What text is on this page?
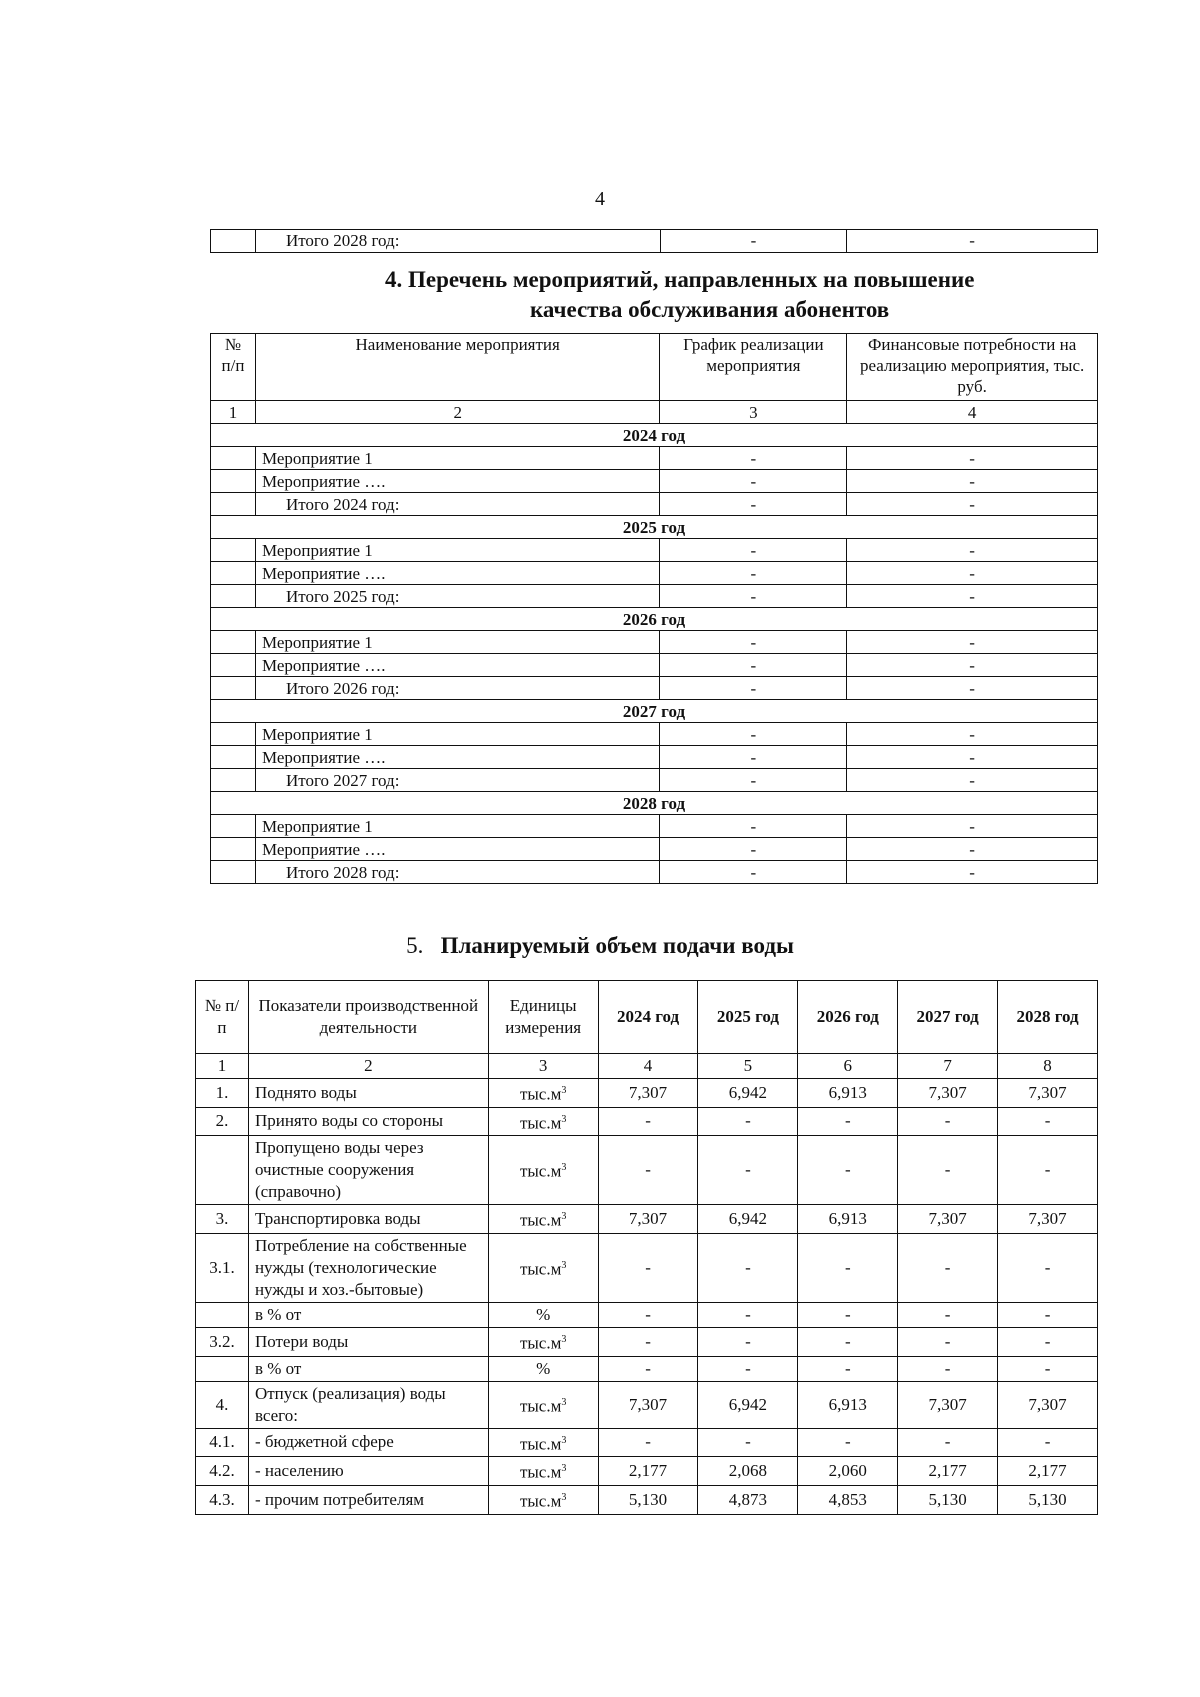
4
	Итого 2028 год:	-	-
4. Перечень мероприятий, направленных на повышение
качества обслуживания абонентов
№ п/п	Наименование мероприятия	График реализации мероприятия	Финансовые потребности на реализацию мероприятия, тыс. руб.
1	2	3	4
2024 год			
	Мероприятие 1	-	-
	Мероприятие ….	-	-
	Итого 2024 год:	-	-
2025 год			
	Мероприятие 1	-	-
	Мероприятие ….	-	-
	Итого 2025 год:	-	-
2026 год			
	Мероприятие 1	-	-
	Мероприятие ….	-	-
	Итого 2026 год:	-	-
2027 год			
	Мероприятие 1	-	-
	Мероприятие ….	-	-
	Итого 2027 год:	-	-
2028 год			
	Мероприятие 1	-	-
	Мероприятие ….	-	-
	Итого 2028 год:	-	-
5. Планируемый объем подачи воды
№ п/п	Показатели производственной деятельности	Единицы измерения	2024 год	2025 год	2026 год	2027 год	2028 год
1	2	3	4	5	6	7	8
1.	Поднято воды	$тыс.м^3$	7,307	6,942	6,913	7,307	7,307
2.	Принято воды со стороны	$тыс.м^3$	-	-	-	-	-
	Пропущено воды через очистные сооружения (справочно)	$тыс.м^3$	-	-	-	-	-
3.	Транспортировка воды	$тыс.м^3$	7,307	6,942	6,913	7,307	7,307
3.1.	Потребление на собственные нужды (технологические нужды и хоз.-бытовые)	$тыс.м^3$	-	-	-	-	-
	в % от	%	-	-	-	-	-
3.2.	Потери воды	$тыс.м^3$	-	-	-	-	-
	в % от	%	-	-	-	-	-
4.	Отпуск (реализация) воды всего:	$тыс.м^3$	7,307	6,942	6,913	7,307	7,307
4.1.	- бюджетной сфере	$тыс.м^3$	-	-	-	-	-
4.2.	- населению	$тыс.м^3$	2,177	2,068	2,060	2,177	2,177
4.3.	- прочим потребителям	$тыс.м^3$	5,130	4,873	4,853	5,130	5,130
